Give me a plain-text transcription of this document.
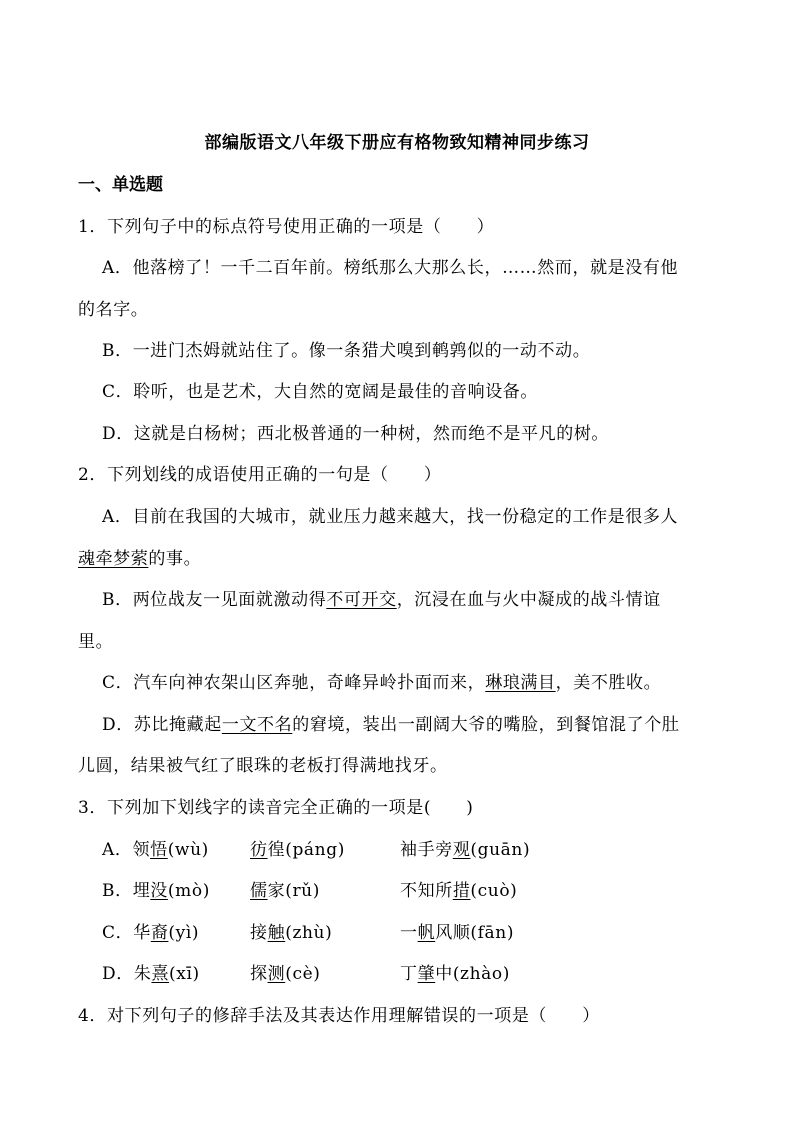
部编版语文八年级下册应有格物致知精神同步练习
一、单选题
1．下列句子中的标点符号使用正确的一项是（　　）
A．他落榜了！一千二百年前。榜纸那么大那么长，……然而，就是没有他
的名字。
B．一进门杰姆就站住了。像一条猎犬嗅到鹌鹑似的一动不动。
C．聆听，也是艺术，大自然的宽阔是最佳的音响设备。
D．这就是白杨树；西北极普通的一种树，然而绝不是平凡的树。
2．下列划线的成语使用正确的一句是（　　）
A．目前在我国的大城市，就业压力越来越大，找一份稳定的工作是很多人
魂牵梦萦的事。
B．两位战友一见面就激动得不可开交，沉浸在血与火中凝成的战斗情谊
里。
C．汽车向神农架山区奔驰，奇峰异岭扑面而来，琳琅满目，美不胜收。
D．苏比掩藏起一文不名的窘境，装出一副阔大爷的嘴脸，到餐馆混了个肚
儿圆，结果被气红了眼珠的老板打得满地找牙。
3．下列加下划线字的读音完全正确的一项是(　　)
A．领悟(wù) 彷徨(páng)	袖手旁观(guān)
B．埋没(mò) 儒家(rǔ)	不知所措(cuò)
C．华裔(yì)	接触(zhù)	一帆风顺(fān)
D．朱熹(xī)	探测(cè)	丁肇中(zhào)
4．对下列句子的修辞手法及其表达作用理解错误的一项是（　　）
